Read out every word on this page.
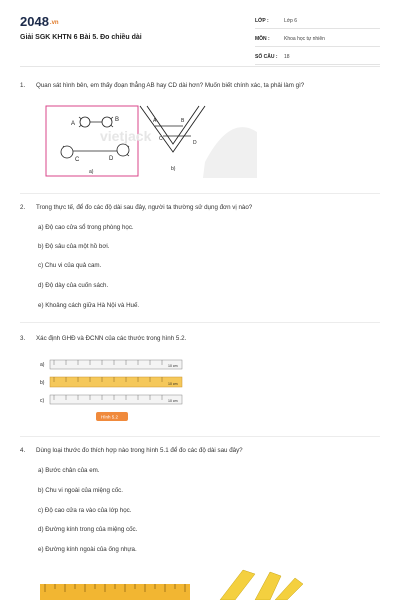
2048.vn
Giải SGK KHTN 6 Bài 5. Đo chiều dài
LỚP :	Lớp 6
MÔN :	Khoa học tự nhiên
SỐ CÂU :	18
1. Quan sát hình bên, em thấy đoạn thẳng AB hay CD dài hơn? Muốn biết chính xác, ta phải làm gì?
A
B
C	D
a)
A	B
C
D
b)
vietjack
2. Trong thực tế, để đo các độ dài sau đây, người ta thường sử dụng đơn vị nào?
a) Độ cao cửa sổ trong phòng học.
b) Độ sâu của một hồ bơi.
c) Chu vi của quả cam.
d) Độ dày của cuốn sách.
e) Khoảng cách giữa Hà Nội và Huế.
3. Xác định GHĐ và ĐCNN của các thước trong hình 5.2.
a)	10 cm
b)	10 cm
c)	10 cm
Hình 5.2
4. Dùng loại thước đo thích hợp nào trong hình 5.1 để đo các độ dài sau đây?
a) Bước chân của em.
b) Chu vi ngoài của miệng cốc.
c) Độ cao cửa ra vào của lớp học.
d) Đường kính trong của miệng cốc.
e) Đường kính ngoài của ống nhựa.
